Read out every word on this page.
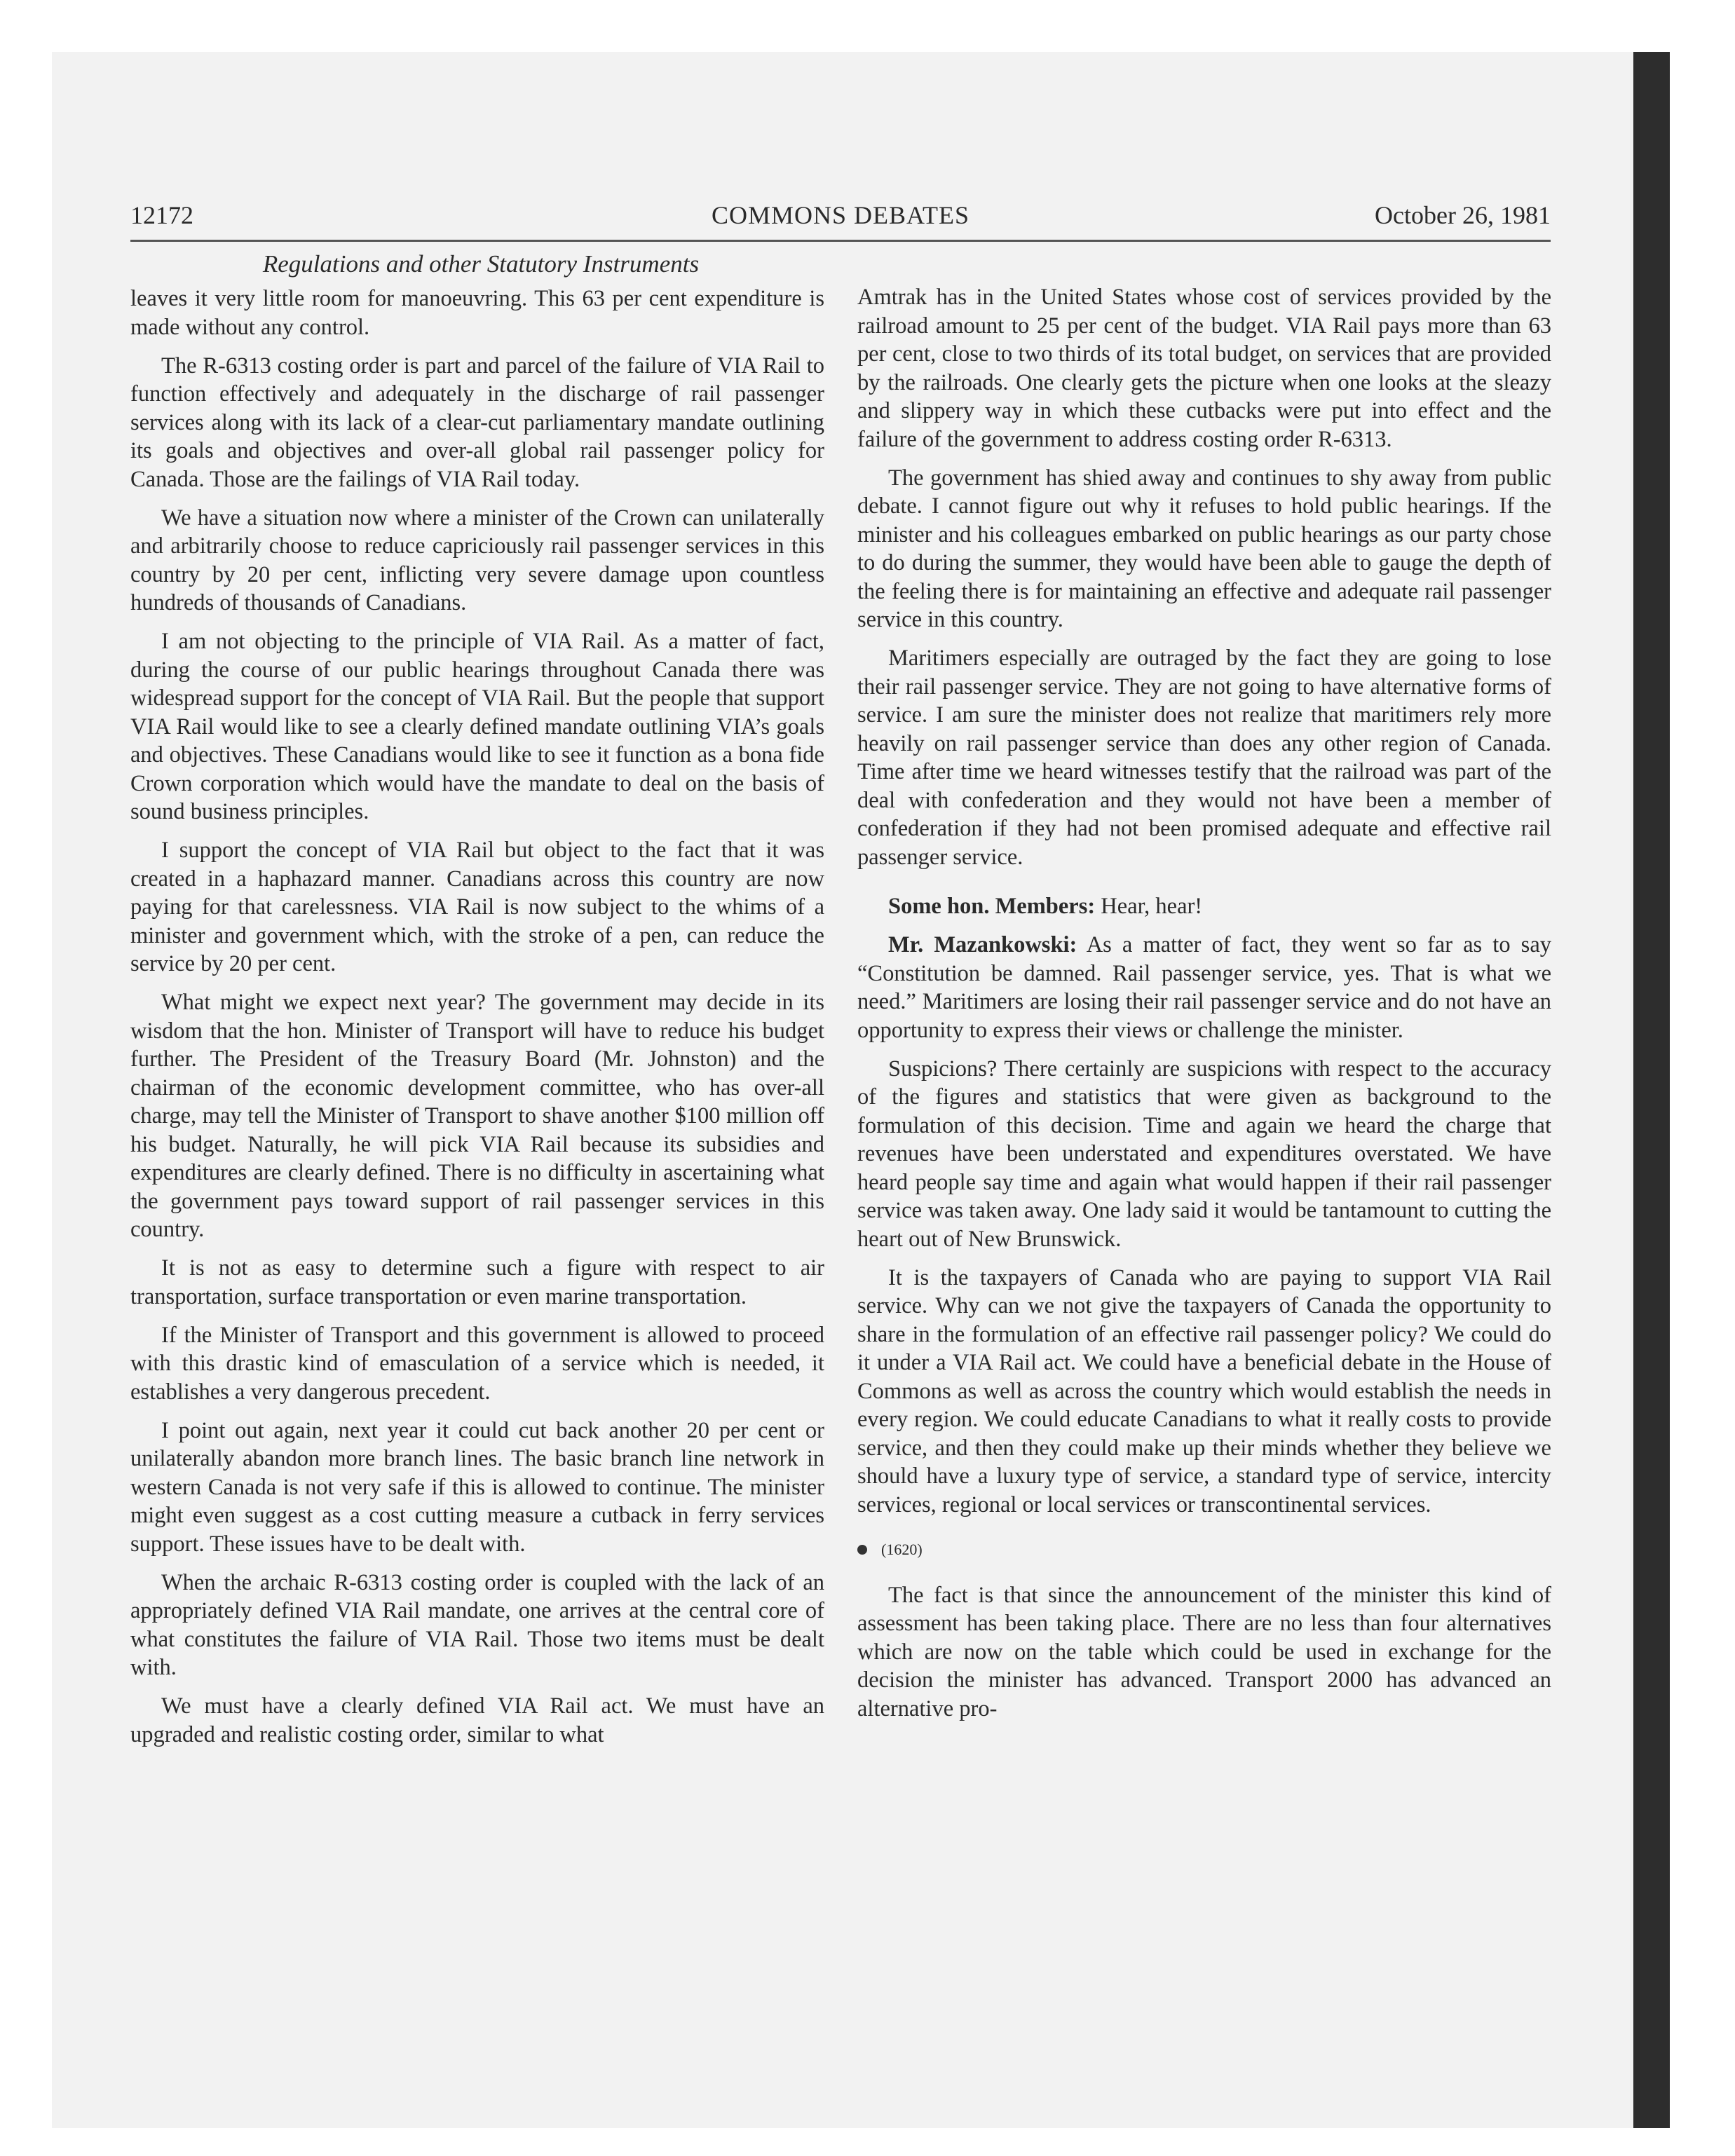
12172	COMMONS DEBATES	October 26, 1981
Regulations and other Statutory Instruments

leaves it very little room for manoeuvring. This 63 per cent expenditure is made without any control.

The R-6313 costing order is part and parcel of the failure of VIA Rail to function effectively and adequately in the discharge of rail passenger services along with its lack of a clear-cut parliamentary mandate outlining its goals and objectives and over-all global rail passenger policy for Canada. Those are the failings of VIA Rail today.

We have a situation now where a minister of the Crown can unilaterally and arbitrarily choose to reduce capriciously rail passenger services in this country by 20 per cent, inflicting very severe damage upon countless hundreds of thousands of Canadians.

I am not objecting to the principle of VIA Rail. As a matter of fact, during the course of our public hearings throughout Canada there was widespread support for the concept of VIA Rail. But the people that support VIA Rail would like to see a clearly defined mandate outlining VIA’s goals and objectives. These Canadians would like to see it function as a bona fide Crown corporation which would have the mandate to deal on the basis of sound business principles.

I support the concept of VIA Rail but object to the fact that it was created in a haphazard manner. Canadians across this country are now paying for that carelessness. VIA Rail is now subject to the whims of a minister and government which, with the stroke of a pen, can reduce the service by 20 per cent.

What might we expect next year? The government may decide in its wisdom that the hon. Minister of Transport will have to reduce his budget further. The President of the Treasury Board (Mr. Johnston) and the chairman of the economic development committee, who has over-all charge, may tell the Minister of Transport to shave another $100 million off his budget. Naturally, he will pick VIA Rail because its subsidies and expenditures are clearly defined. There is no difficulty in ascertaining what the government pays toward support of rail passenger services in this country.

It is not as easy to determine such a figure with respect to air transportation, surface transportation or even marine transportation.

If the Minister of Transport and this government is allowed to proceed with this drastic kind of emasculation of a service which is needed, it establishes a very dangerous precedent.

I point out again, next year it could cut back another 20 per cent or unilaterally abandon more branch lines. The basic branch line network in western Canada is not very safe if this is allowed to continue. The minister might even suggest as a cost cutting measure a cutback in ferry services support. These issues have to be dealt with.

When the archaic R-6313 costing order is coupled with the lack of an appropriately defined VIA Rail mandate, one arrives at the central core of what constitutes the failure of VIA Rail. Those two items must be dealt with.

We must have a clearly defined VIA Rail act. We must have an upgraded and realistic costing order, similar to what

Amtrak has in the United States whose cost of services provided by the railroad amount to 25 per cent of the budget. VIA Rail pays more than 63 per cent, close to two thirds of its total budget, on services that are provided by the railroads. One clearly gets the picture when one looks at the sleazy and slippery way in which these cutbacks were put into effect and the failure of the government to address costing order R-6313.

The government has shied away and continues to shy away from public debate. I cannot figure out why it refuses to hold public hearings. If the minister and his colleagues embarked on public hearings as our party chose to do during the summer, they would have been able to gauge the depth of the feeling there is for maintaining an effective and adequate rail passenger service in this country.

Maritimers especially are outraged by the fact they are going to lose their rail passenger service. They are not going to have alternative forms of service. I am sure the minister does not realize that maritimers rely more heavily on rail passenger service than does any other region of Canada. Time after time we heard witnesses testify that the railroad was part of the deal with confederation and they would not have been a member of confederation if they had not been promised adequate and effective rail passenger service.

Some hon. Members: Hear, hear!

Mr. Mazankowski: As a matter of fact, they went so far as to say “Constitution be damned. Rail passenger service, yes. That is what we need.” Maritimers are losing their rail passenger service and do not have an opportunity to express their views or challenge the minister.

Suspicions? There certainly are suspicions with respect to the accuracy of the figures and statistics that were given as background to the formulation of this decision. Time and again we heard the charge that revenues have been understated and expenditures overstated. We have heard people say time and again what would happen if their rail passenger service was taken away. One lady said it would be tantamount to cutting the heart out of New Brunswick.

It is the taxpayers of Canada who are paying to support VIA Rail service. Why can we not give the taxpayers of Canada the opportunity to share in the formulation of an effective rail passenger policy? We could do it under a VIA Rail act. We could have a beneficial debate in the House of Commons as well as across the country which would establish the needs in every region. We could educate Canadians to what it really costs to provide service, and then they could make up their minds whether they believe we should have a luxury type of service, a standard type of service, intercity services, regional or local services or transcontinental services.

(1620)

The fact is that since the announcement of the minister this kind of assessment has been taking place. There are no less than four alternatives which are now on the table which could be used in exchange for the decision the minister has advanced. Transport 2000 has advanced an alternative pro-
